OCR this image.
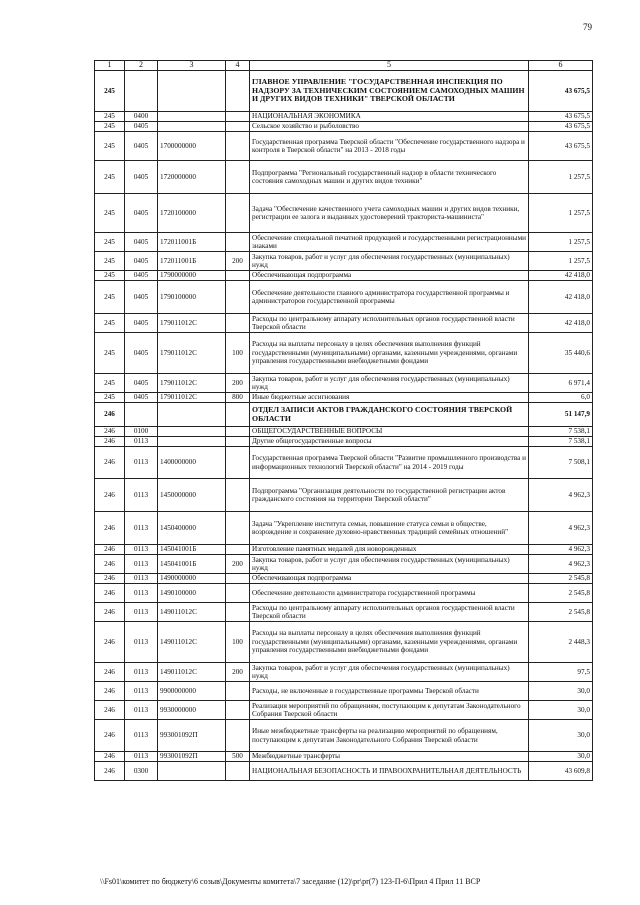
79
1	2	3	4	5	6
245				ГЛАВНОЕ УПРАВЛЕНИЕ "ГОСУДАРСТВЕННАЯ ИНСПЕКЦИЯ ПО НАДЗОРУ ЗА ТЕХНИЧЕСКИМ СОСТОЯНИЕМ САМОХОДНЫХ МАШИН И ДРУГИХ ВИДОВ ТЕХНИКИ" ТВЕРСКОЙ ОБЛАСТИ	43 675,5
245	0400			НАЦИОНАЛЬНАЯ ЭКОНОМИКА	43 675,5
245	0405			Сельское хозяйство и рыболовство	43 675,5
245	0405	1700000000		Государственная программа Тверской области "Обеспечение государственного надзора и контроля в Тверской области" на 2013 - 2018 годы	43 675,5
245	0405	1720000000		Подпрограмма "Региональный государственный надзор в области технического состояния самоходных машин и других видов техники"	1 257,5
245	0405	1720100000		Задача "Обеспечение качественного учета самоходных машин и других видов техники, регистрации ее залога и выданных удостоверений тракториста-машиниста"	1 257,5
245	0405	172011001Б		Обеспечение специальной печатной продукцией и государственными регистрационными знаками	1 257,5
245	0405	172011001Б	200	Закупка товаров, работ и услуг для обеспечения государственных (муниципальных) нужд	1 257,5
245	0405	1790000000		Обеспечивающая подпрограмма	42 418,0
245	0405	1790100000		Обеспечение деятельности главного администратора государственной программы и администраторов государственной программы	42 418,0
245	0405	179011012С		Расходы по центральному аппарату исполнительных органов государственной власти Тверской области	42 418,0
245	0405	179011012С	100	Расходы на выплаты персоналу в целях обеспечения выполнения функций государственными (муниципальными) органами, казенными учреждениями, органами управления государственными внебюджетными фондами	35 440,6
245	0405	179011012С	200	Закупка товаров, работ и услуг для обеспечения государственных (муниципальных) нужд	6 971,4
245	0405	179011012С	800	Иные бюджетные ассигнования	6,0
246				ОТДЕЛ ЗАПИСИ АКТОВ ГРАЖДАНСКОГО СОСТОЯНИЯ ТВЕРСКОЙ ОБЛАСТИ	51 147,9
246	0100			ОБЩЕГОСУДАРСТВЕННЫЕ ВОПРОСЫ	7 538,1
246	0113			Другие общегосударственные вопросы	7 538,1
246	0113	1400000000		Государственная программа Тверской области "Развитие промышленного производства и информационных технологий Тверской области" на 2014 - 2019 годы	7 508,1
246	0113	1450000000		Подпрограмма "Организация деятельности по государственной регистрации актов гражданского состояния на территории Тверской области"	4 962,3
246	0113	1450400000		Задача "Укрепление института семьи, повышение статуса семьи в обществе, возрождение и сохранение духовно-нравственных традиций семейных отношений"	4 962,3
246	0113	145041001Б		Изготовление памятных медалей для новорожденных	4 962,3
246	0113	145041001Б	200	Закупка товаров, работ и услуг для обеспечения государственных (муниципальных) нужд	4 962,3
246	0113	1490000000		Обеспечивающая подпрограмма	2 545,8
246	0113	1490100000		Обеспечение деятельности администратора государственной программы	2 545,8
246	0113	149011012С		Расходы по центральному аппарату исполнительных органов государственной власти Тверской области	2 545,8
246	0113	149011012С	100	Расходы на выплаты персоналу в целях обеспечения выполнения функций государственными (муниципальными) органами, казенными учреждениями, органами управления государственными внебюджетными фондами	2 448,3
246	0113	149011012С	200	Закупка товаров, работ и услуг для обеспечения государственных (муниципальных) нужд	97,5
246	0113	9900000000		Расходы, не включенные в государственные программы Тверской области	30,0
246	0113	9930000000		Реализация мероприятий по обращениям, поступающим к депутатам Законодательного Собрания Тверской области	30,0
246	0113	993001092П		Иные межбюджетные трансферты на реализацию мероприятий по обращениям, поступающим к депутатам Законодательного Собрания Тверской области	30,0
246	0113	993001092П	500	Межбюджетные трансферты	30,0
246	0300			НАЦИОНАЛЬНАЯ БЕЗОПАСНОСТЬ И ПРАВООХРАНИТЕЛЬНАЯ ДЕЯТЕЛЬНОСТЬ	43 609,8
\\Fs01\комитет по бюджету\6 созыв\Документы комитета\7 заседание (12)\pr\pr(7) 123-П-6\Прил 4 Прил 11 ВСР
